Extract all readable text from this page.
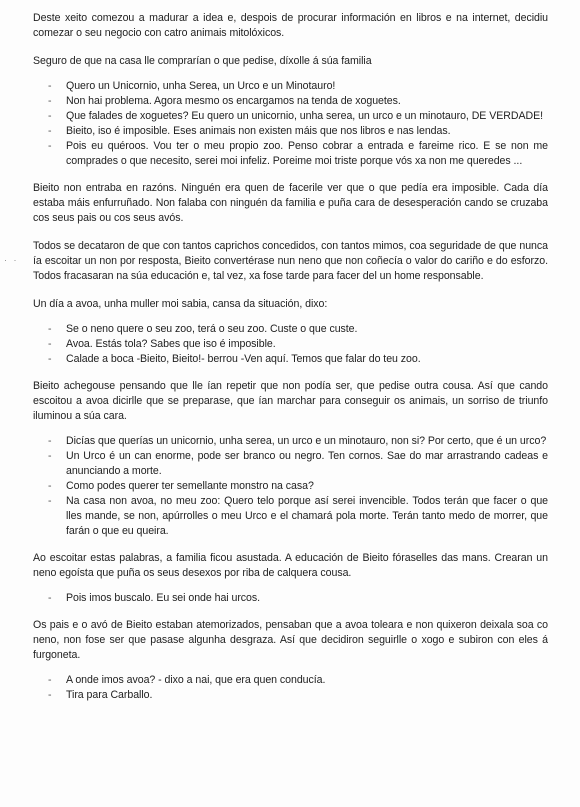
· ·

Deste xeito comezou a madurar a idea e, despois de procurar información en libros e na internet, decidiu comezar o seu negocio con catro animais mitolóxicos.

Seguro de que na casa lle comprarían o que pedise, díxolle á súa familia

- Quero un Unicornio, unha Serea, un Urco e un Minotauro!
- Non hai problema. Agora mesmo os encargamos na tenda de xoguetes.
- Que falades de xoguetes? Eu quero un unicornio, unha serea, un urco e un minotauro, DE VERDADE!
- Bieito, iso é imposible. Eses animais non existen máis que nos libros e nas lendas.
- Pois eu quéroos. Vou ter o meu propio zoo. Penso cobrar a entrada e fareime rico. E se non me comprades o que necesito, serei moi infeliz. Poreime moi triste porque vós xa non me queredes ...

Bieito non entraba en razóns. Ninguén era quen de facerile ver que o que pedía era imposible. Cada día estaba máis enfurruñado. Non falaba con ninguén da familia e puña cara de desesperación cando se cruzaba cos seus pais ou cos seus avós.

Todos se decataron de que con tantos caprichos concedidos, con tantos mimos, coa seguridade de que nunca ía escoitar un non por resposta, Bieito convertérase nun neno que non coñecía o valor do cariño e do esforzo. Todos fracasaran na súa educación e, tal vez, xa fose tarde para facer del un home responsable.

Un día a avoa, unha muller moi sabia, cansa da situación, dixo:

- Se o neno quere o seu zoo, terá o seu zoo. Custe o que custe.
- Avoa. Estás tola? Sabes que iso é imposible.
- Calade a boca -Bieito, Bieito!- berrou -Ven aquí. Temos que falar do teu zoo.

Bieito achegouse pensando que lle ían repetir que non podía ser, que pedise outra cousa. Así que cando escoitou a avoa dicirlle que se preparase, que ían marchar para conseguir os animais, un sorriso de triunfo iluminou a súa cara.

- Dicías que querías un unicornio, unha serea, un urco e un minotauro, non si? Por certo, que é un urco?
- Un Urco é un can enorme, pode ser branco ou negro. Ten cornos. Sae do mar arrastrando cadeas e anunciando a morte.
- Como podes querer ter semellante monstro na casa?
- Na casa non avoa, no meu zoo: Quero telo porque así serei invencible. Todos terán que facer o que lles mande, se non, apúrrolles o meu Urco e el chamará pola morte. Terán tanto medo de morrer, que farán o que eu queira.

Ao escoitar estas palabras, a familia ficou asustada. A educación de Bieito fóraselles das mans. Crearan un neno egoísta que puña os seus desexos por riba de calquera cousa.

- Pois imos buscalo. Eu sei onde hai urcos.

Os pais e o avó de Bieito estaban atemorizados, pensaban que a avoa toleara e non quixeron deixala soa co neno, non fose ser que pasase algunha desgraza. Así que decidiron seguirlle o xogo e subiron con eles á furgoneta.

- A onde imos avoa? - dixo a nai, que era quen conducía.
- Tira para Carballo.
